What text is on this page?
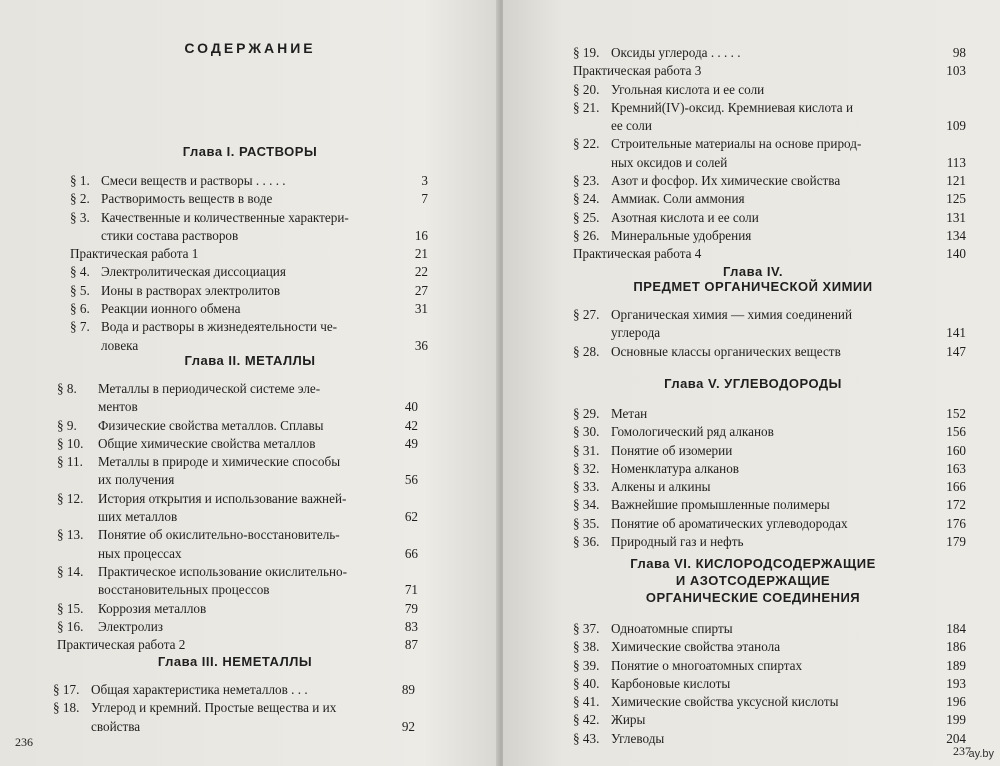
СОДЕРЖАНИЕ
Глава I. РАСТВОРЫ
§ 1. Смеси веществ и растворы . . . . .	3
§ 2. Растворимость веществ в воде	7
§ 3. Качественные и количественные характери-
стики состава растворов	16
Практическая работа 1	21
§ 4. Электролитическая диссоциация	22
§ 5. Ионы в растворах электролитов	27
§ 6. Реакции ионного обмена	31
§ 7. Вода и растворы в жизнедеятельности че-
ловека	36
Глава II. МЕТАЛЛЫ
§ 8. Металлы в периодической системе эле-
ментов	40
§ 9. Физические свойства металлов. Сплавы	42
§ 10. Общие химические свойства металлов	49
§ 11. Металлы в природе и химические способы
их получения	56
§ 12. История открытия и использование важней-
ших металлов	62
§ 13. Понятие об окислительно-восстановитель-
ных процессах	66
§ 14. Практическое использование окислительно-
восстановительных процессов	71
§ 15. Коррозия металлов	79
§ 16. Электролиз	83
Практическая работа 2	87
Глава III. НЕМЕТАЛЛЫ
§ 17. Общая характеристика неметаллов . . .	89
§ 18. Углерод и кремний. Простые вещества и их
свойства	92
236
§ 19. Оксиды углерода . . . . .	98
Практическая работа 3	103
§ 20. Угольная кислота и ее соли
§ 21. Кремний(IV)-оксид. Кремниевая кислота и
ее соли	109
§ 22. Строительные материалы на основе природ-
ных оксидов и солей	113
§ 23. Азот и фосфор. Их химические свойства	121
§ 24. Аммиак. Соли аммония	125
§ 25. Азотная кислота и ее соли	131
§ 26. Минеральные удобрения	134
Практическая работа 4	140
Глава IV.
ПРЕДМЕТ ОРГАНИЧЕСКОЙ ХИМИИ
§ 27. Органическая химия — химия соединений
углерода	141
§ 28. Основные классы органических веществ	147
Глава V. УГЛЕВОДОРОДЫ
§ 29. Метан	152
§ 30. Гомологический ряд алканов	156
§ 31. Понятие об изомерии	160
§ 32. Номенклатура алканов	163
§ 33. Алкены и алкины	166
§ 34. Важнейшие промышленные полимеры	172
§ 35. Понятие об ароматических углеводородах	176
§ 36. Природный газ и нефть	179
Глава VI. КИСЛОРОДСОДЕРЖАЩИЕ
И АЗОТСОДЕРЖАЩИЕ
ОРГАНИЧЕСКИЕ СОЕДИНЕНИЯ
§ 37. Одноатомные спирты	184
§ 38. Химические свойства этанола	186
§ 39. Понятие о многоатомных спиртах	189
§ 40. Карбоновые кислоты	193
§ 41. Химические свойства уксусной кислоты	196
§ 42. Жиры	199
§ 43. Углеводы	204
237
ay.by
